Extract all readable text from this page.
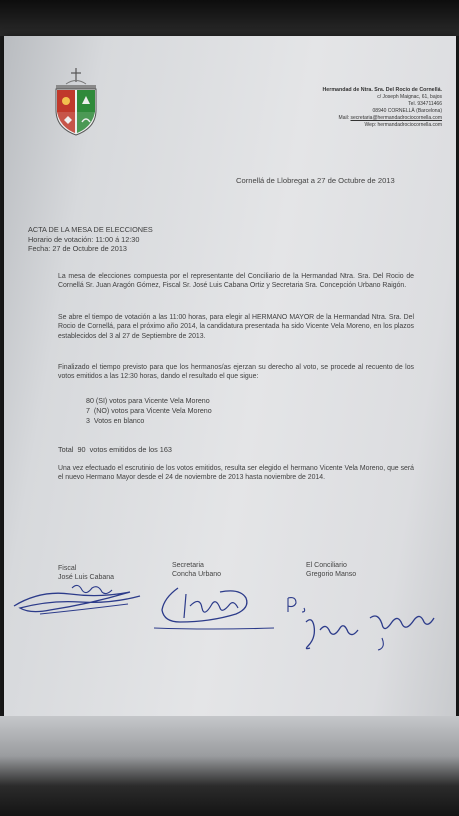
Hermandad de Ntra. Sra. Del Rocío de Cornellá.
c/ Joseph Maignac, 61, bajos
Tel. 934711466
08940 CORNELLÀ (Barcelona)
Mail: secretaria@hermandadrociocornella.com
Wep: hermandadrociocornella.com
Cornellá de Llobregat a 27 de Octubre de 2013
ACTA DE LA MESA DE ELECCIONES
Horario de votación: 11:00 á 12:30
Fecha: 27 de Octubre de 2013
La mesa de elecciones compuesta por el representante del Conciliario de la Hermandad Ntra. Sra. Del Rocio de Cornellá Sr. Juan Aragón Gómez, Fiscal Sr. José Luis Cabana Ortiz y Secretaria Sra. Concepción Urbano Raigón.
Se abre el tiempo de votación a las 11:00 horas, para elegir al HERMANO MAYOR de la Hermandad Ntra. Sra. Del Rocio de Cornellá, para el próximo año 2014, la candidatura presentada ha sido Vicente Vela Moreno, en los plazos establecidos del 3 al 27 de Septiembre de 2013.
Finalizado el tiempo previsto para que los hermanos/as ejerzan su derecho al voto, se procede al recuento de los votos emitidos a las 12:30 horas, dando el resultado el que sigue:
80 (SI) votos para Vicente Vela Moreno
7  (NO) votos para Vicente Vela Moreno
3  Votos en blanco
Total  90  votos emitidos de los 163
Una vez efectuado el escrutinio de los votos emitidos, resulta ser elegido el hermano Vicente Vela Moreno, que será el nuevo Hermano Mayor desde el 24 de noviembre de 2013 hasta noviembre de 2014.
Fiscal
José Luis Cabana
Secretaria
Concha Urbano
El Conciliario
Gregorio Manso
